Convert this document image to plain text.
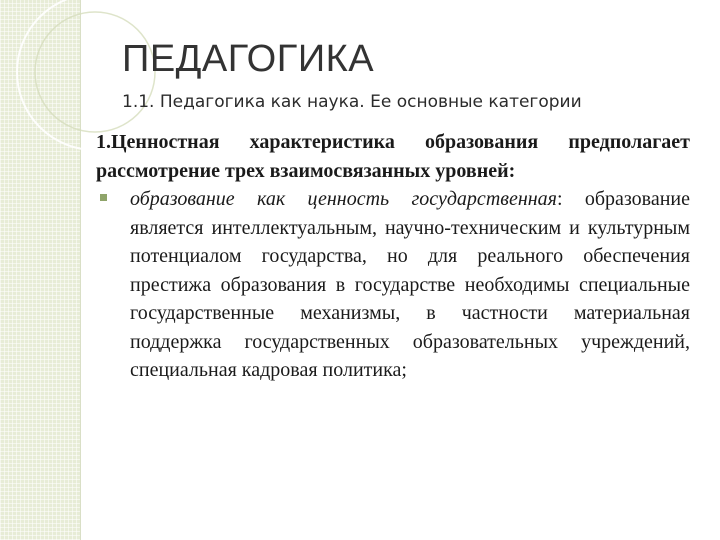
ПЕДАГОГИКА

1.1. Педагогика как наука. Ее основные категории

1.Ценностная характеристика образования предполагает рассмотрение трех взаимосвязанных уровней:

образование как ценность государственная: образование является интеллектуальным, научно-техническим и культурным потенциалом государства, но для реального обеспечения престижа образования в государстве необходимы специальные государственные механизмы, в частности материальная поддержка государственных образовательных учреждений, специальная кадровая политика;
